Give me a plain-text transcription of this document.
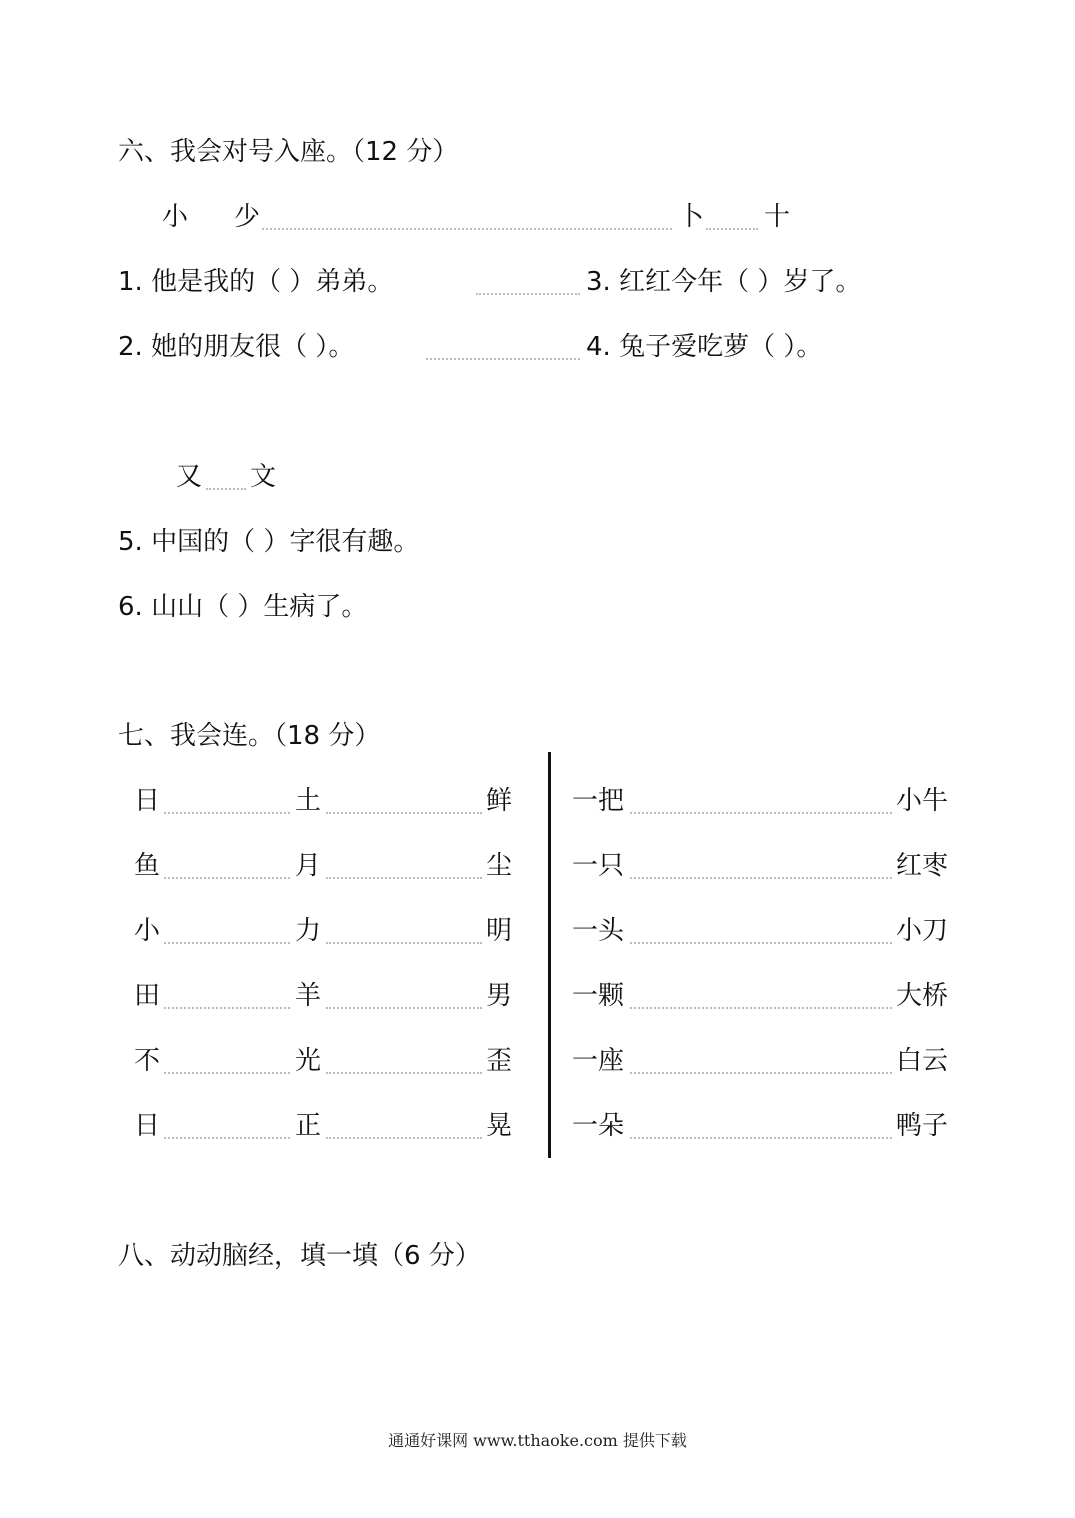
六、我会对号入座。（12 分）
小 少	卜 十
1. 他是我的（ ）弟弟。	3. 红红今年（ ）岁了。
2. 她的朋友很（ ）。	4. 兔子爱吃萝（ ）。
又 文
5. 中国的（ ）字很有趣。
6. 山山（ ）生病了。
七、我会连。（18 分）
日	土	鲜 一把	小牛
鱼	月	尘 一只	红枣
小	力	明 一头	小刀
田	羊	男 一颗	大桥
不	光	歪 一座	白云
日	正	晃 一朵	鸭子
八、动动脑经，填一填（6 分）
通通好课网 www.tthaoke.com 提供下载
